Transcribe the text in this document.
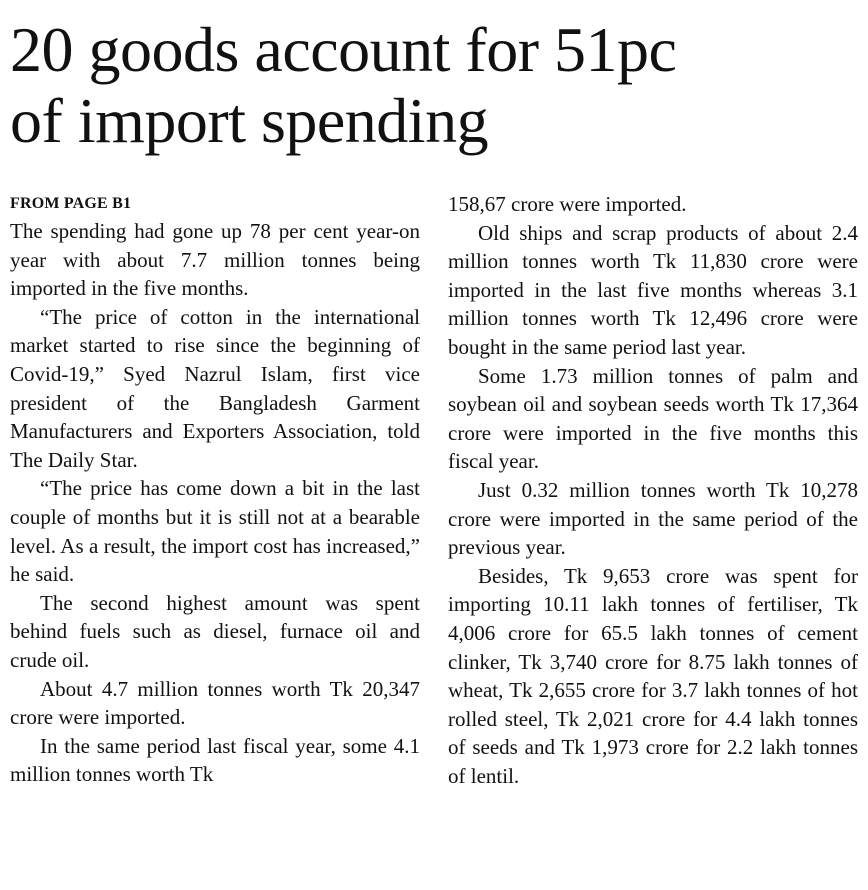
20 goods account for 51pc
of import spending
FROM PAGE B1

The spending had gone up 78 per cent year-on year with about 7.7 million tonnes being imported in the five months.

“The price of cotton in the international market started to rise since the beginning of Covid-19,” Syed Nazrul Islam, first vice president of the Bangladesh Garment Manufacturers and Exporters Association, told The Daily Star.

“The price has come down a bit in the last couple of months but it is still not at a bearable level. As a result, the import cost has increased,” he said.

The second highest amount was spent behind fuels such as diesel, furnace oil and crude oil.

About 4.7 million tonnes worth Tk 20,347 crore were imported.

In the same period last fiscal year, some 4.1 million tonnes worth Tk

158,67 crore were imported.

Old ships and scrap products of about 2.4 million tonnes worth Tk 11,830 crore were imported in the last five months whereas 3.1 million tonnes worth Tk 12,496 crore were bought in the same period last year.

Some 1.73 million tonnes of palm and soybean oil and soybean seeds worth Tk 17,364 crore were imported in the five months this fiscal year.

Just 0.32 million tonnes worth Tk 10,278 crore were imported in the same period of the previous year.

Besides, Tk 9,653 crore was spent for importing 10.11 lakh tonnes of fertiliser, Tk 4,006 crore for 65.5 lakh tonnes of cement clinker, Tk 3,740 crore for 8.75 lakh tonnes of wheat, Tk 2,655 crore for 3.7 lakh tonnes of hot rolled steel, Tk 2,021 crore for 4.4 lakh tonnes of seeds and Tk 1,973 crore for 2.2 lakh tonnes of lentil.
